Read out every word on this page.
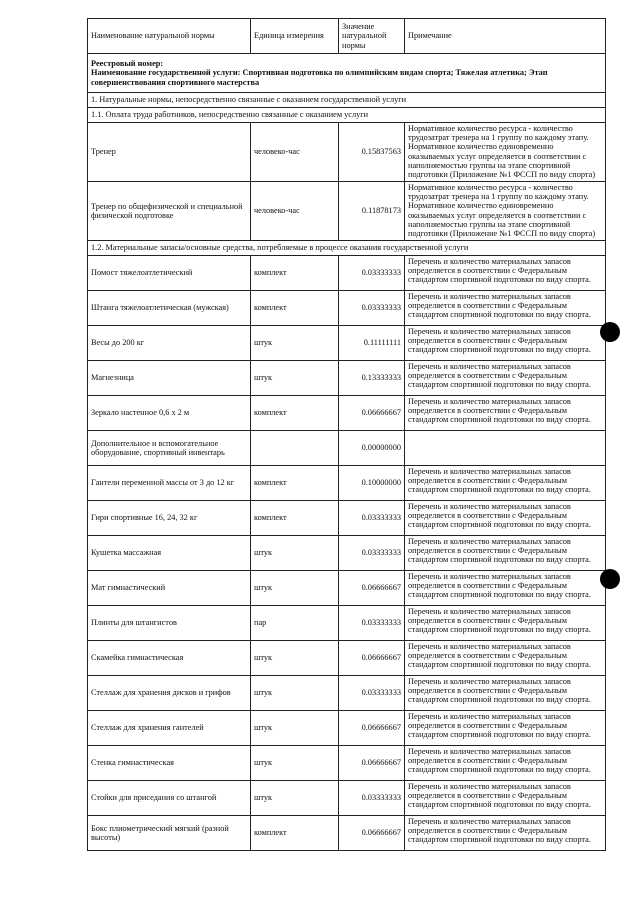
Наименование натуральной нормы	Единица измерения	Значение натуральной нормы	Примечание

Реестровый номер:
Наименование государственной услуги: Спортивная подготовка по олимпийским видам спорта; Тяжелая атлетика; Этап совершенствования спортивного мастерства			

1. Натуральные нормы, непосредственно связанные с оказанием государственной услуги			
1.1. Оплата труда работников, непосредственно связанные с оказанием услуги			
Тренер	человеко-час	0.15837563	Нормативное количество ресурса - количество трудозатрат тренера на 1 группу по каждому этапу. Нормативное количество единовременно оказываемых услуг определяется в соответствии с наполняемостью группы на этапе спортивной подготовки (Приложение №1 ФССП по виду спорта)
Тренер по общефизической и специальной физической подготовке	человеко-час	0.11878173	Нормативное количество ресурса - количество трудозатрат тренера на 1 группу по каждому этапу. Нормативное количество единовременно оказываемых услуг определяется в соответствии с наполняемостью группы на этапе спортивной подготовки (Приложение №1 ФССП по виду спорта)
1.2. Материальные запасы/основные средства, потребляемые в процессе оказания государственной услуги			
Помост тяжелоатлетический	комплект	0.03333333	Перечень и количество материальных запасов определяется в соответствии с Федеральным стандартом спортивной подготовки по виду спорта.
Штанга тяжелоатлетическая (мужская)	комплект	0.03333333	Перечень и количество материальных запасов определяется в соответствии с Федеральным стандартом спортивной подготовки по виду спорта.
Весы до 200 кг	штук	0.11111111	Перечень и количество материальных запасов определяется в соответствии с Федеральным стандартом спортивной подготовки по виду спорта.
Магнезница	штук	0.13333333	Перечень и количество материальных запасов определяется в соответствии с Федеральным стандартом спортивной подготовки по виду спорта.
Зеркало настенное 0,6 x 2 м	комплект	0.06666667	Перечень и количество материальных запасов определяется в соответствии с Федеральным стандартом спортивной подготовки по виду спорта.
Дополнительное и вспомогательное оборудование, спортивный инвентарь		0.00000000	
Гантели переменной массы от 3 до 12 кг	комплект	0.10000000	Перечень и количество материальных запасов определяется в соответствии с Федеральным стандартом спортивной подготовки по виду спорта.
Гири спортивные 16, 24, 32 кг	комплект	0.03333333	Перечень и количество материальных запасов определяется в соответствии с Федеральным стандартом спортивной подготовки по виду спорта.
Кушетка массажная	штук	0.03333333	Перечень и количество материальных запасов определяется в соответствии с Федеральным стандартом спортивной подготовки по виду спорта.
Мат гимнастический	штук	0.06666667	Перечень и количество материальных запасов определяется в соответствии с Федеральным стандартом спортивной подготовки по виду спорта.
Плинты для штангистов	пар	0.03333333	Перечень и количество материальных запасов определяется в соответствии с Федеральным стандартом спортивной подготовки по виду спорта.
Скамейка гимнастическая	штук	0.06666667	Перечень и количество материальных запасов определяется в соответствии с Федеральным стандартом спортивной подготовки по виду спорта.
Стеллаж для хранения дисков и грифов	штук	0.03333333	Перечень и количество материальных запасов определяется в соответствии с Федеральным стандартом спортивной подготовки по виду спорта.
Стеллаж для хранения гантелей	штук	0.06666667	Перечень и количество материальных запасов определяется в соответствии с Федеральным стандартом спортивной подготовки по виду спорта.
Стенка гимнастическая	штук	0.06666667	Перечень и количество материальных запасов определяется в соответствии с Федеральным стандартом спортивной подготовки по виду спорта.
Стойки для приседания со штангой	штук	0.03333333	Перечень и количество материальных запасов определяется в соответствии с Федеральным стандартом спортивной подготовки по виду спорта.
Бокс плиометрический мягкий (разной высоты)	комплект	0.06666667	Перечень и количество материальных запасов определяется в соответствии с Федеральным стандартом спортивной подготовки по виду спорта.
